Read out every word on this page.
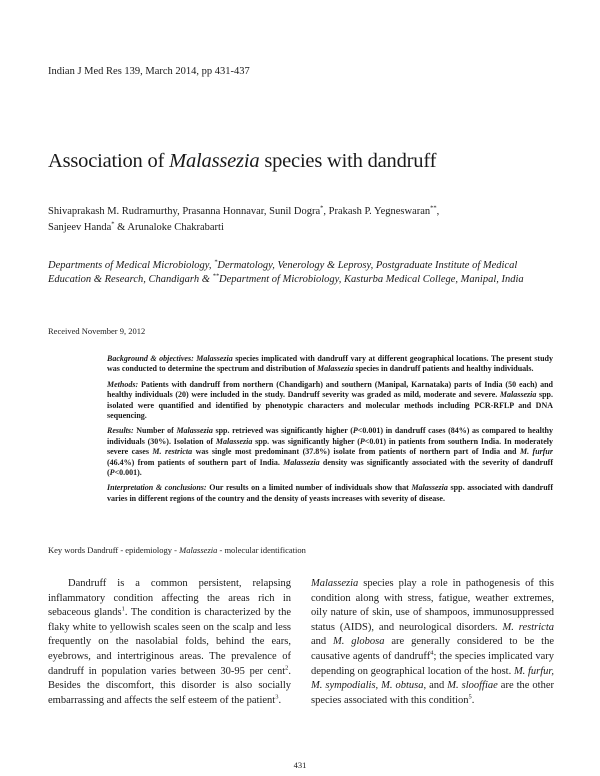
Indian J Med Res 139, March 2014, pp 431-437
Association of Malassezia species with dandruff
Shivaprakash M. Rudramurthy, Prasanna Honnavar, Sunil Dogra*, Prakash P. Yegneswaran**,
Sanjeev Handa* & Arunaloke Chakrabarti
Departments of Medical Microbiology, *Dermatology, Venerology & Leprosy, Postgraduate Institute of Medical Education & Research, Chandigarh & **Department of Microbiology, Kasturba Medical College, Manipal, India
Received November 9, 2012

Background & objectives: Malassezia species implicated with dandruff vary at different geographical locations. The present study was conducted to determine the spectrum and distribution of Malassezia species in dandruff patients and healthy individuals.

Methods: Patients with dandruff from northern (Chandigarh) and southern (Manipal, Karnataka) parts of India (50 each) and healthy individuals (20) were included in the study. Dandruff severity was graded as mild, moderate and severe. Malassezia spp. isolated were quantified and identified by phenotypic characters and molecular methods including PCR-RFLP and DNA sequencing.

Results: Number of Malassezia spp. retrieved was significantly higher (P<0.001) in dandruff cases (84%) as compared to healthy individuals (30%). Isolation of Malassezia spp. was significantly higher (P<0.01) in patients from southern India. In moderately severe cases M. restricta was single most predominant (37.8%) isolate from patients of northern part of India and M. furfur (46.4%) from patients of southern part of India. Malassezia density was significantly associated with the severity of dandruff (P<0.001).

Interpretation & conclusions: Our results on a limited number of individuals show that Malassezia spp. associated with dandruff varies in different regions of the country and the density of yeasts increases with severity of disease.

Key words Dandruff - epidemiology - Malassezia - molecular identification

Dandruff is a common persistent, relapsing inflammatory condition affecting the areas rich in sebaceous glands$^1$. The condition is characterized by the flaky white to yellowish scales seen on the scalp and less frequently on the nasolabial folds, behind the ears, eyebrows, and intertriginous areas. The prevalence of dandruff in population varies between 30-95 per cent$^2$. Besides the discomfort, this disorder is also socially embarrassing and affects the self esteem of the patient$^3$.

Malassezia species play a role in pathogenesis of this condition along with stress, fatigue, weather extremes, oily nature of skin, use of shampoos, immunosuppressed status (AIDS), and neurological disorders. M. restricta and M. globosa are generally considered to be the causative agents of dandruff$^4$; the species implicated vary depending on geographical location of the host. M. furfur, M. sympodialis, M. obtusa, and M. slooffiae are the other species associated with this condition$^5$.

431
